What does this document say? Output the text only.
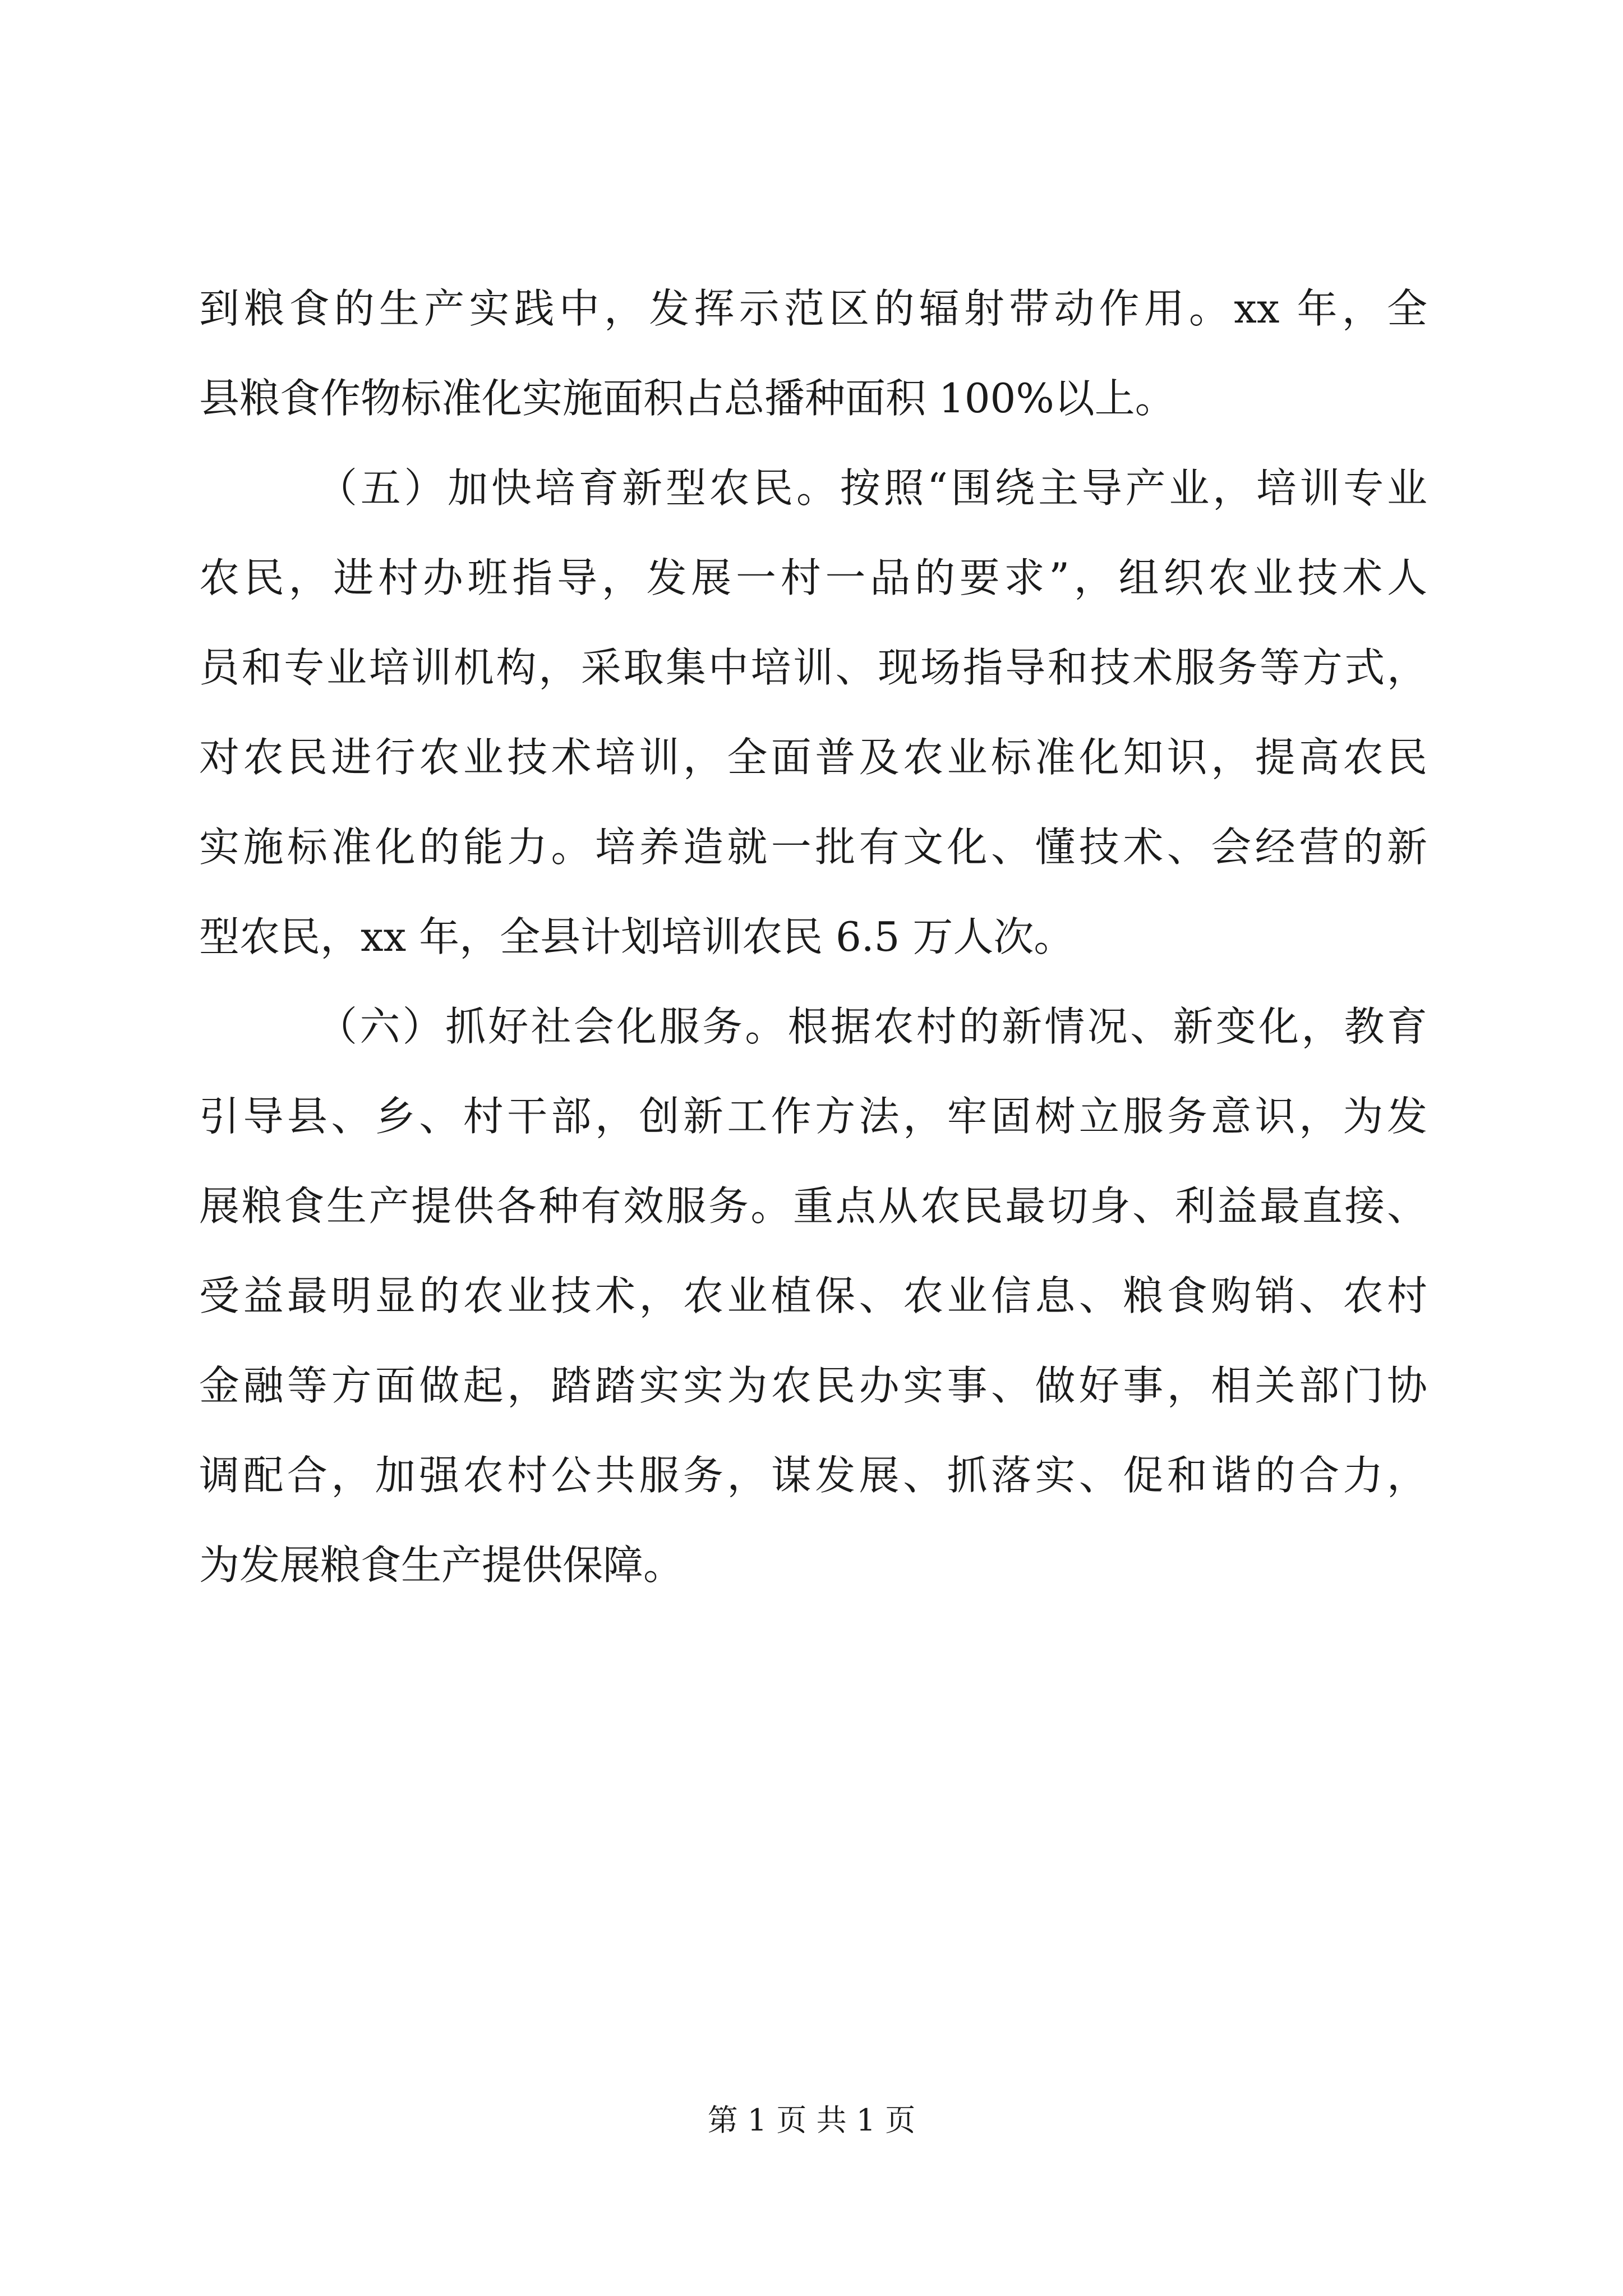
到粮食的生产实践中，发挥示范区的辐射带动作用。xx 年，全
县粮食作物标准化实施面积占总播种面积 100%以上。
（五）加快培育新型农民。按照“围绕主导产业，培训专业
农民，进村办班指导，发展一村一品的要求”，组织农业技术人
员和专业培训机构，采取集中培训、现场指导和技术服务等方式，
对农民进行农业技术培训，全面普及农业标准化知识，提高农民
实施标准化的能力。培养造就一批有文化、懂技术、会经营的新
型农民，xx 年，全县计划培训农民 6.5 万人次。
（六）抓好社会化服务。根据农村的新情况、新变化，教育
引导县、乡、村干部，创新工作方法，牢固树立服务意识，为发
展粮食生产提供各种有效服务。重点从农民最切身、利益最直接、
受益最明显的农业技术，农业植保、农业信息、粮食购销、农村
金融等方面做起，踏踏实实为农民办实事、做好事，相关部门协
调配合，加强农村公共服务，谋发展、抓落实、促和谐的合力，
为发展粮食生产提供保障。
第 1 页 共 1 页
